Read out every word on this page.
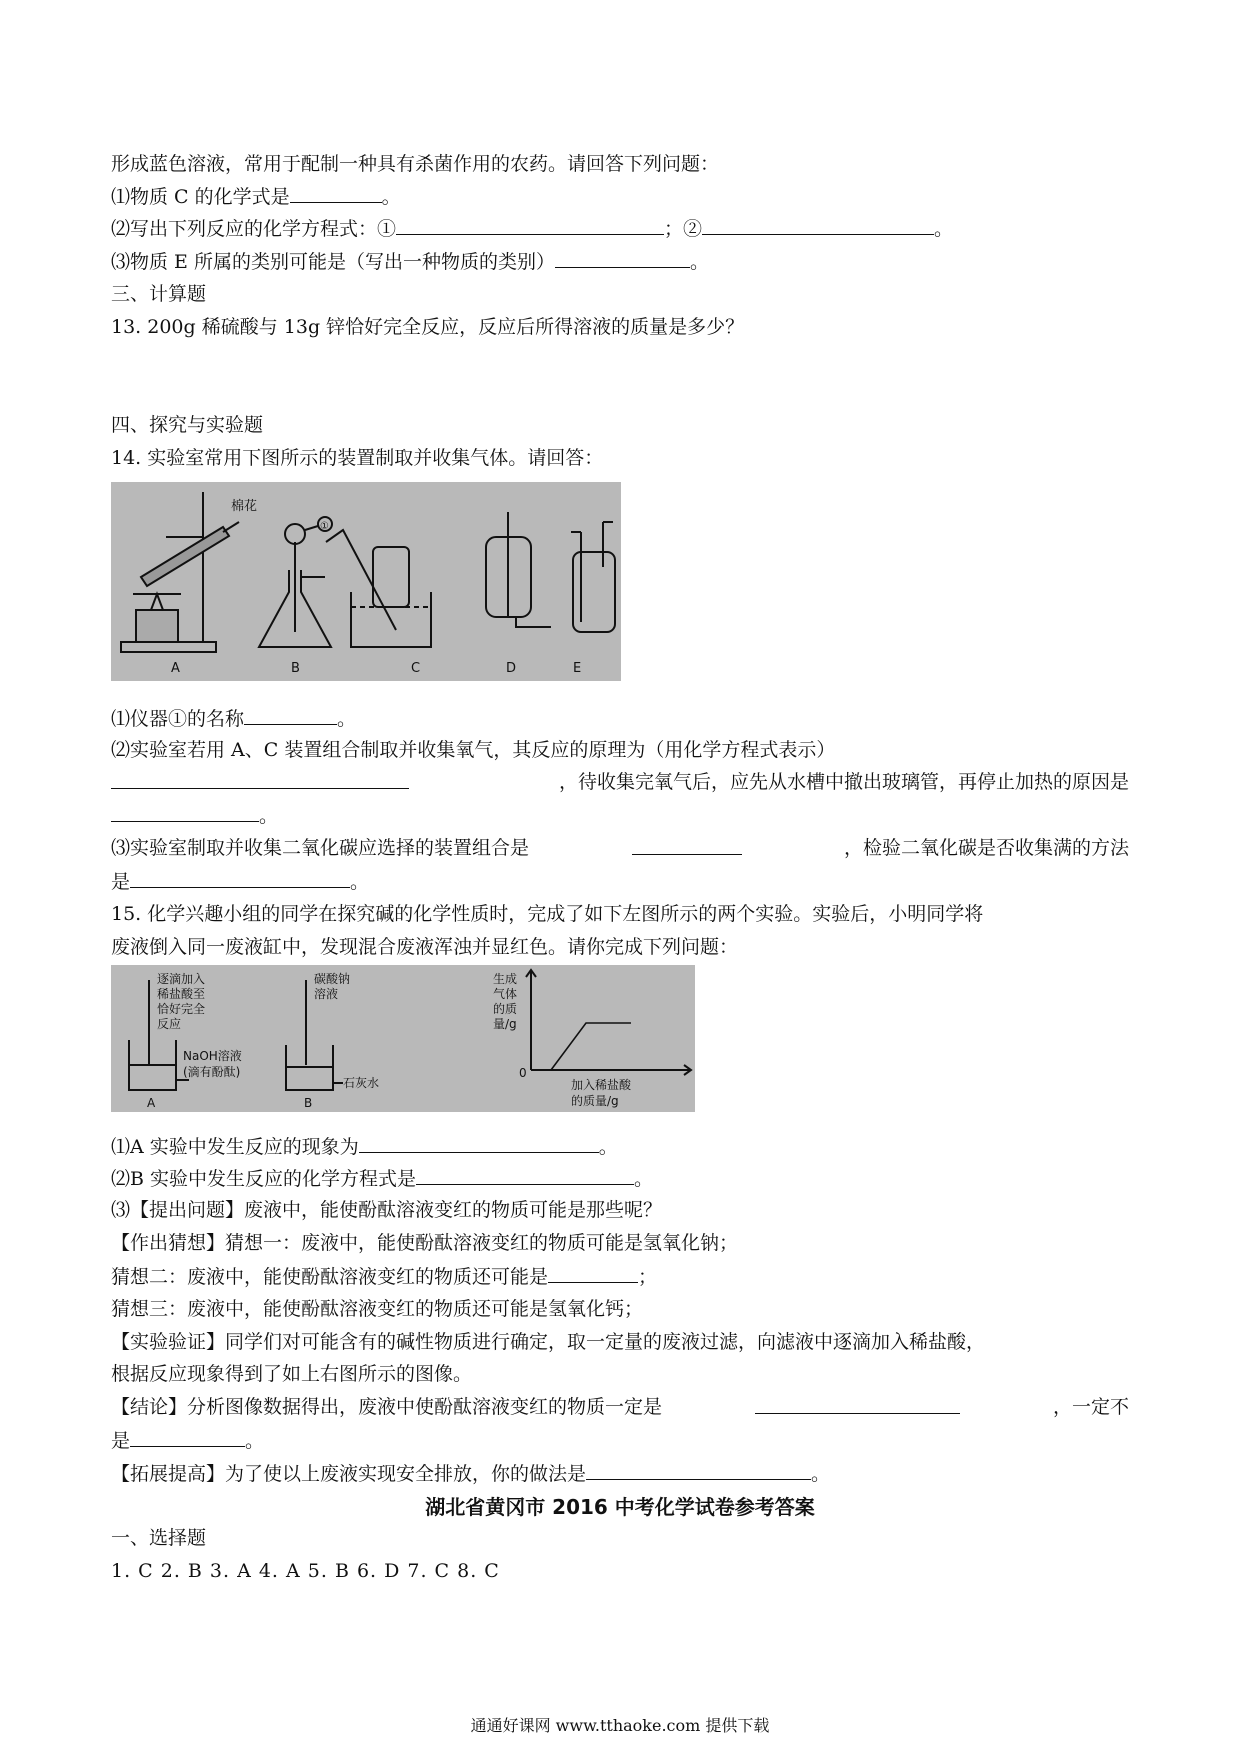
形成蓝色溶液，常用于配制一种具有杀菌作用的农药。请回答下列问题：
⑴物质 C 的化学式是	。
⑵写出下列反应的化学方程式：①	；②	。
⑶物质 E 所属的类别可能是（写出一种物质的类别）	。
三、计算题
13. 200g 稀硫酸与 13g 锌恰好完全反应，反应后所得溶液的质量是多少？
四、探究与实验题
14. 实验室常用下图所示的装置制取并收集气体。请回答：
棉花
①
A	B	C	D	E
⑴仪器①的名称	。
⑵实验室若用 A、C 装置组合制取并收集氧气，其反应的原理为（用化学方程式表示）
，待收集完氧气后，应先从水槽中撤出玻璃管，再停止加热的原因是
。
⑶实验室制取并收集二氧化碳应选择的装置组合是	，检验二氧化碳是否收集满的方法
是	。
15. 化学兴趣小组的同学在探究碱的化学性质时，完成了如下左图所示的两个实验。实验后，小明同学将
废液倒入同一废液缸中，发现混合废液浑浊并显红色。请你完成下列问题：
逐滴加入
稀盐酸至
恰好完全
反应
NaOH溶液
(滴有酚酞)
A
碳酸钠
溶液
石灰水
B
生成
气体
的质
量/g
0
加入稀盐酸
的质量/g
⑴A 实验中发生反应的现象为	。
⑵B 实验中发生反应的化学方程式是	。
⑶【提出问题】废液中，能使酚酞溶液变红的物质可能是那些呢？
【作出猜想】猜想一：废液中，能使酚酞溶液变红的物质可能是氢氧化钠；
猜想二：废液中，能使酚酞溶液变红的物质还可能是	；
猜想三：废液中，能使酚酞溶液变红的物质还可能是氢氧化钙；
【实验验证】同学们对可能含有的碱性物质进行确定，取一定量的废液过滤，向滤液中逐滴加入稀盐酸，
根据反应现象得到了如上右图所示的图像。
【结论】分析图像数据得出，废液中使酚酞溶液变红的物质一定是	，一定不
是	。
【拓展提高】为了使以上废液实现安全排放，你的做法是	。
湖北省黄冈市 2016 中考化学试卷参考答案
一、选择题
1. C 2. B 3. A 4. A 5. B 6. D 7. C 8. C
通通好课网 www.tthaoke.com 提供下载
